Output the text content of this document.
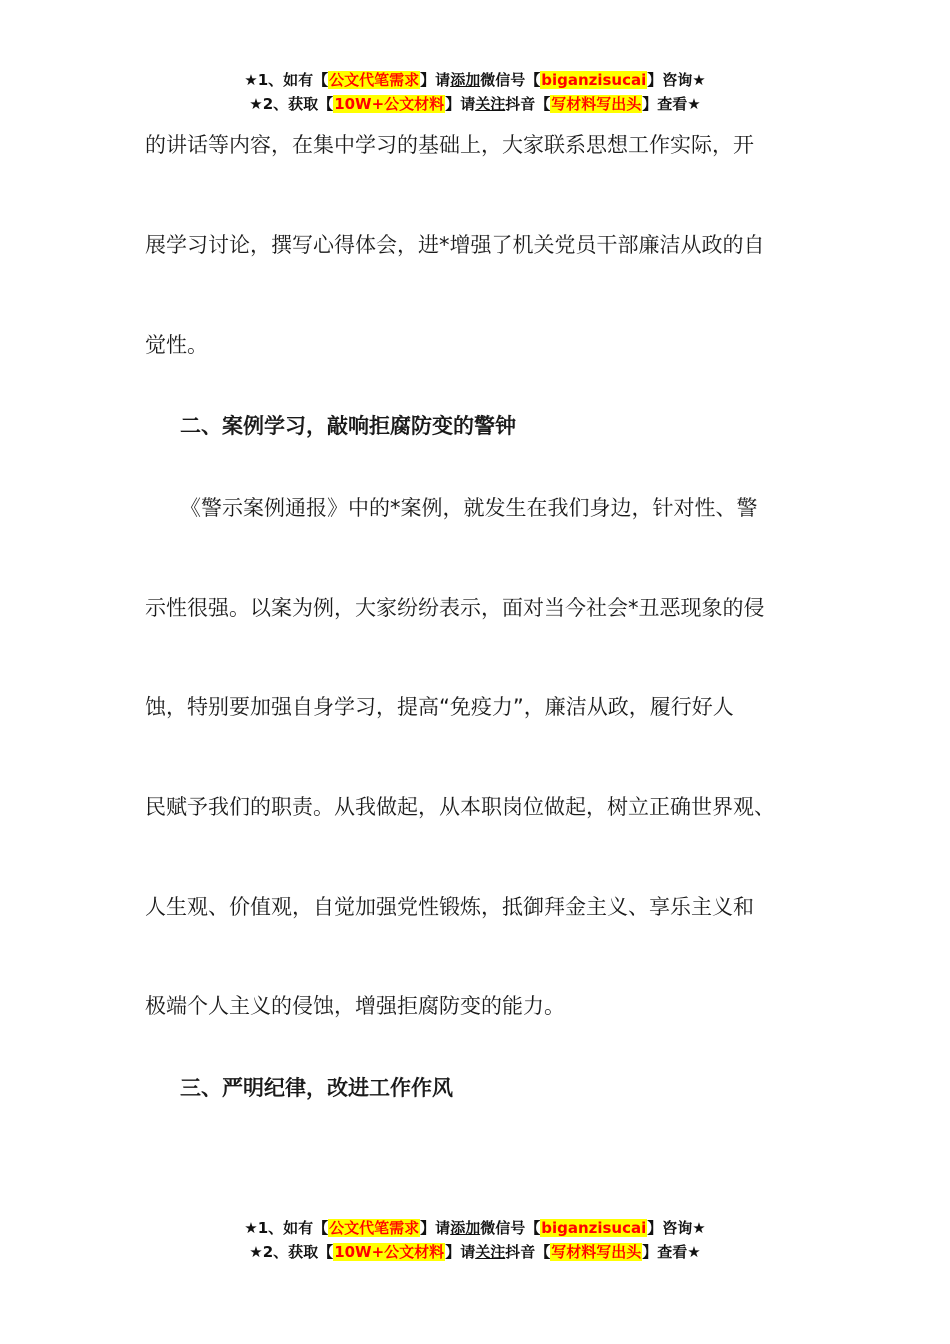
★1、如有【公文代笔需求】请添加微信号【biganzisucai】咨询★
★2、获取【10W+公文材料】请关注抖音【写材料写出头】查看★
的讲话等内容，在集中学习的基础上，大家联系思想工作实际，开
展学习讨论，撰写心得体会，进*增强了机关党员干部廉洁从政的自
觉性。
二、案例学习，敲响拒腐防变的警钟
《警示案例通报》中的*案例，就发生在我们身边，针对性、警
示性很强。以案为例，大家纷纷表示，面对当今社会*丑恶现象的侵
蚀，特别要加强自身学习，提高“免疫力”，廉洁从政，履行好人
民赋予我们的职责。从我做起，从本职岗位做起，树立正确世界观、
人生观、价值观，自觉加强党性锻炼，抵御拜金主义、享乐主义和
极端个人主义的侵蚀，增强拒腐防变的能力。
三、严明纪律，改进工作作风
★1、如有【公文代笔需求】请添加微信号【biganzisucai】咨询★
★2、获取【10W+公文材料】请关注抖音【写材料写出头】查看★
